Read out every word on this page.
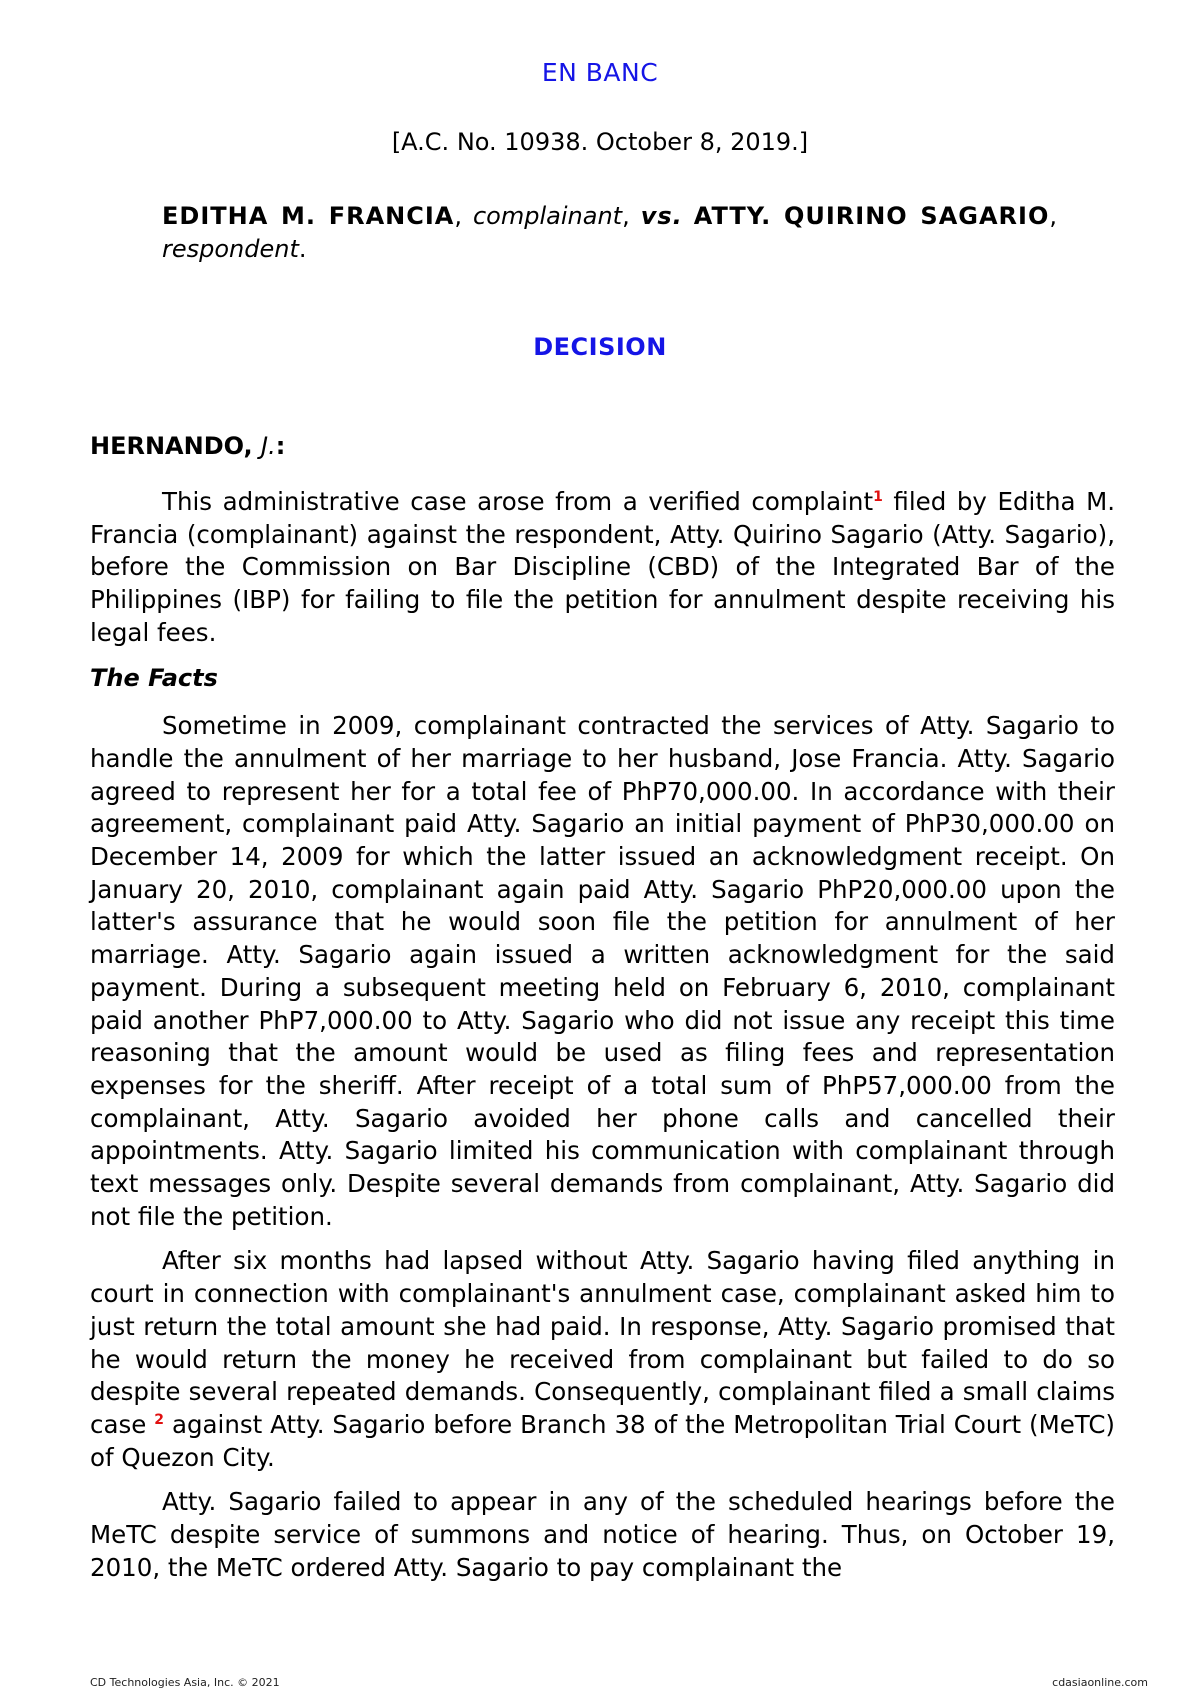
EN BANC
[A.C. No. 10938. October 8, 2019.]
EDITHA M. FRANCIA, complainant, vs. ATTY. QUIRINO SAGARIO, respondent.
DECISION
HERNANDO, J.:

This administrative case arose from a verified complaint$^1$ filed by Editha M. Francia (complainant) against the respondent, Atty. Quirino Sagario (Atty. Sagario), before the Commission on Bar Discipline (CBD) of the Integrated Bar of the Philippines (IBP) for failing to file the petition for annulment despite receiving his legal fees.

The Facts

Sometime in 2009, complainant contracted the services of Atty. Sagario to handle the annulment of her marriage to her husband, Jose Francia. Atty. Sagario agreed to represent her for a total fee of PhP70,000.00. In accordance with their agreement, complainant paid Atty. Sagario an initial payment of PhP30,000.00 on December 14, 2009 for which the latter issued an acknowledgment receipt. On January 20, 2010, complainant again paid Atty. Sagario PhP20,000.00 upon the latter's assurance that he would soon file the petition for annulment of her marriage. Atty. Sagario again issued a written acknowledgment for the said payment. During a subsequent meeting held on February 6, 2010, complainant paid another PhP7,000.00 to Atty. Sagario who did not issue any receipt this time reasoning that the amount would be used as filing fees and representation expenses for the sheriff. After receipt of a total sum of PhP57,000.00 from the complainant, Atty. Sagario avoided her phone calls and cancelled their appointments. Atty. Sagario limited his communication with complainant through text messages only. Despite several demands from complainant, Atty. Sagario did not file the petition.

After six months had lapsed without Atty. Sagario having filed anything in court in connection with complainant's annulment case, complainant asked him to just return the total amount she had paid. In response, Atty. Sagario promised that he would return the money he received from complainant but failed to do so despite several repeated demands. Consequently, complainant filed a small claims case $^2$ against Atty. Sagario before Branch 38 of the Metropolitan Trial Court (MeTC) of Quezon City.

Atty. Sagario failed to appear in any of the scheduled hearings before the MeTC despite service of summons and notice of hearing. Thus, on October 19, 2010, the MeTC ordered Atty. Sagario to pay complainant the

CD Technologies Asia, Inc. © 2021	cdasiaonline.com
